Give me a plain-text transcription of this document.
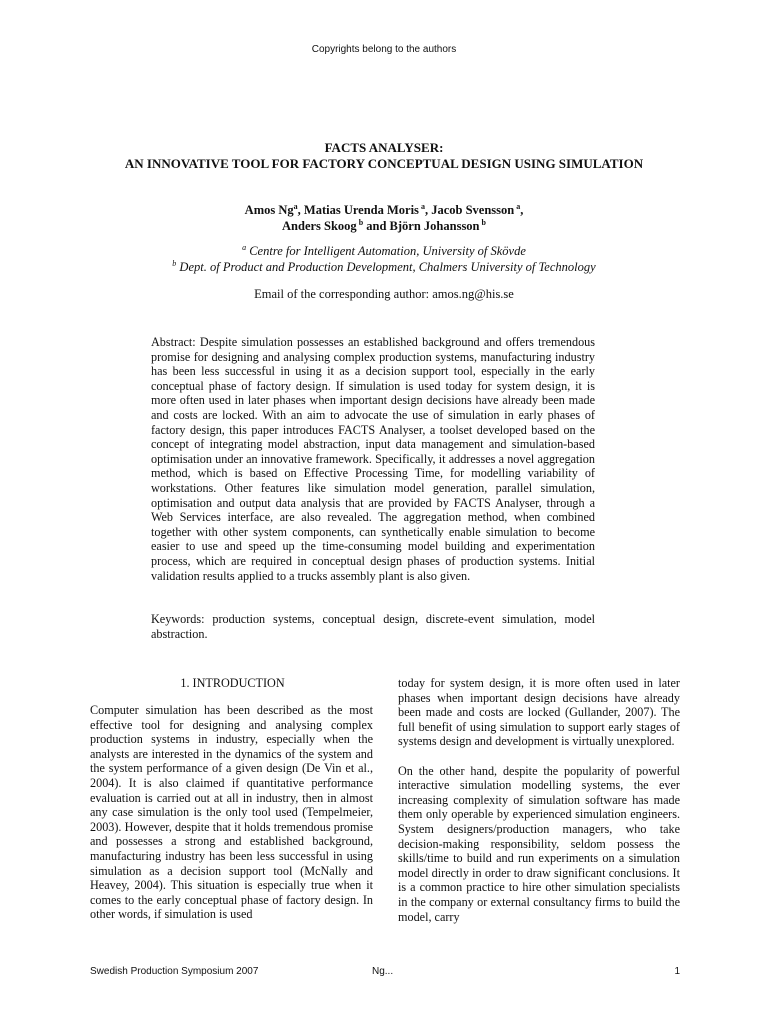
Copyrights belong to the authors
FACTS ANALYSER:
AN INNOVATIVE TOOL FOR FACTORY CONCEPTUAL DESIGN USING SIMULATION
Amos Ng$^a$, Matias Urenda Moris $^a$, Jacob Svensson $^a$,
Anders Skoog $^b$ and Björn Johansson $^b$
$^a$ Centre for Intelligent Automation, University of Skövde
$^b$ Dept. of Product and Production Development, Chalmers University of Technology
Email of the corresponding author: amos.ng@his.se
Abstract: Despite simulation possesses an established background and offers tremendous promise for designing and analysing complex production systems, manufacturing industry has been less successful in using it as a decision support tool, especially in the early conceptual phase of factory design. If simulation is used today for system design, it is more often used in later phases when important design decisions have already been made and costs are locked. With an aim to advocate the use of simulation in early phases of factory design, this paper introduces FACTS Analyser, a toolset developed based on the concept of integrating model abstraction, input data management and simulation-based optimisation under an innovative framework. Specifically, it addresses a novel aggregation method, which is based on Effective Processing Time, for modelling variability of workstations. Other features like simulation model generation, parallel simulation, optimisation and output data analysis that are provided by FACTS Analyser, through a Web Services interface, are also revealed. The aggregation method, when combined together with other system components, can synthetically enable simulation to become easier to use and speed up the time-consuming model building and experimentation process, which are required in conceptual design phases of production systems. Initial validation results applied to a trucks assembly plant is also given.
Keywords: production systems, conceptual design, discrete-event simulation, model abstraction.
1. INTRODUCTION
Computer simulation has been described as the most effective tool for designing and analysing complex production systems in industry, especially when the analysts are interested in the dynamics of the system and the system performance of a given design (De Vin et al., 2004). It is also claimed if quantitative performance evaluation is carried out at all in industry, then in almost any case simulation is the only tool used (Tempelmeier, 2003). However, despite that it holds tremendous promise and possesses a strong and established background, manufacturing industry has been less successful in using simulation as a decision support tool (McNally and Heavey, 2004). This situation is especially true when it comes to the early conceptual phase of factory design. In other words, if simulation is used

today for system design, it is more often used in later phases when important design decisions have already been made and costs are locked (Gullander, 2007). The full benefit of using simulation to support early stages of systems design and development is virtually unexplored.

On the other hand, despite the popularity of powerful interactive simulation modelling systems, the ever increasing complexity of simulation software has made them only operable by experienced simulation engineers. System designers/production managers, who take decision-making responsibility, seldom possess the skills/time to build and run experiments on a simulation model directly in order to draw significant conclusions. It is a common practice to hire other simulation specialists in the company or external consultancy firms to build the model, carry

Swedish Production Symposium 2007	Ng...	1
